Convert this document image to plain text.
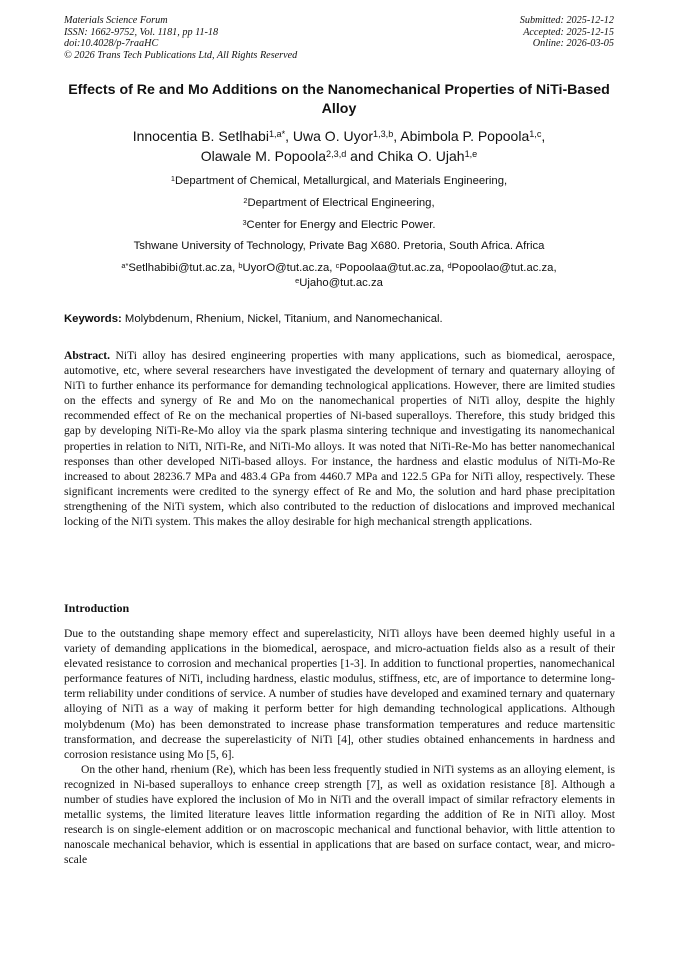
Materials Science Forum
ISSN: 1662-9752, Vol. 1181, pp 11-18
doi:10.4028/p-7raaHC
© 2026 Trans Tech Publications Ltd, All Rights Reserved
Submitted: 2025-12-12
Accepted: 2025-12-15
Online: 2026-03-05
Effects of Re and Mo Additions on the Nanomechanical Properties of NiTi-Based Alloy
Innocentia B. Setlhabi$^{1,a*}$, Uwa O. Uyor$^{1,3,b}$, Abimbola P. Popoola$^{1,c}$,
Olawale M. Popoola$^{2,3,d}$ and Chika O. Ujah$^{1,e}$
$^1$Department of Chemical, Metallurgical, and Materials Engineering,
$^2$Department of Electrical Engineering,
$^3$Center for Energy and Electric Power.
Tshwane University of Technology, Private Bag X680. Pretoria, South Africa. Africa
$^{a*}$Setlhabibi@tut.ac.za, $^b$UyorO@tut.ac.za, $^c$Popoolaa@tut.ac.za, $^d$Popoolao@tut.ac.za,
$^e$Ujaho@tut.ac.za
Keywords: Molybdenum, Rhenium, Nickel, Titanium, and Nanomechanical.

Abstract. NiTi alloy has desired engineering properties with many applications, such as biomedical, aerospace, automotive, etc, where several researchers have investigated the development of ternary and quaternary alloying of NiTi to further enhance its performance for demanding technological applications. However, there are limited studies on the effects and synergy of Re and Mo on the nanomechanical properties of NiTi alloy, despite the highly recommended effect of Re on the mechanical properties of Ni-based superalloys. Therefore, this study bridged this gap by developing NiTi-Re-Mo alloy via the spark plasma sintering technique and investigating its nanomechanical properties in relation to NiTi, NiTi-Re, and NiTi-Mo alloys. It was noted that NiTi-Re-Mo has better nanomechanical responses than other developed NiTi-based alloys. For instance, the hardness and elastic modulus of NiTi-Mo-Re increased to about 28236.7 MPa and 483.4 GPa from 4460.7 MPa and 122.5 GPa for NiTi alloy, respectively. These significant increments were credited to the synergy effect of Re and Mo, the solution and hard phase precipitation strengthening of the NiTi system, which also contributed to the reduction of dislocations and improved mechanical locking of the NiTi system. This makes the alloy desirable for high mechanical strength applications.

Introduction

Due to the outstanding shape memory effect and superelasticity, NiTi alloys have been deemed highly useful in a variety of demanding applications in the biomedical, aerospace, and micro-actuation fields also as a result of their elevated resistance to corrosion and mechanical properties [1-3]. In addition to functional properties, nanomechanical performance features of NiTi, including hardness, elastic modulus, stiffness, etc, are of importance to determine long-term reliability under conditions of service. A number of studies have developed and examined ternary and quaternary alloying of NiTi as a way of making it perform better for high demanding technological applications. Although molybdenum (Mo) has been demonstrated to increase phase transformation temperatures and reduce martensitic transformation, and decrease the superelasticity of NiTi [4], other studies obtained enhancements in hardness and corrosion resistance using Mo [5, 6].

On the other hand, rhenium (Re), which has been less frequently studied in NiTi systems as an alloying element, is recognized in Ni-based superalloys to enhance creep strength [7], as well as oxidation resistance [8]. Although a number of studies have explored the inclusion of Mo in NiTi and the overall impact of similar refractory elements in metallic systems, the limited literature leaves little information regarding the addition of Re in NiTi alloy. Most research is on single-element addition or on macroscopic mechanical and functional behavior, with little attention to nanoscale mechanical behavior, which is essential in applications that are based on surface contact, wear, and micro-scale
